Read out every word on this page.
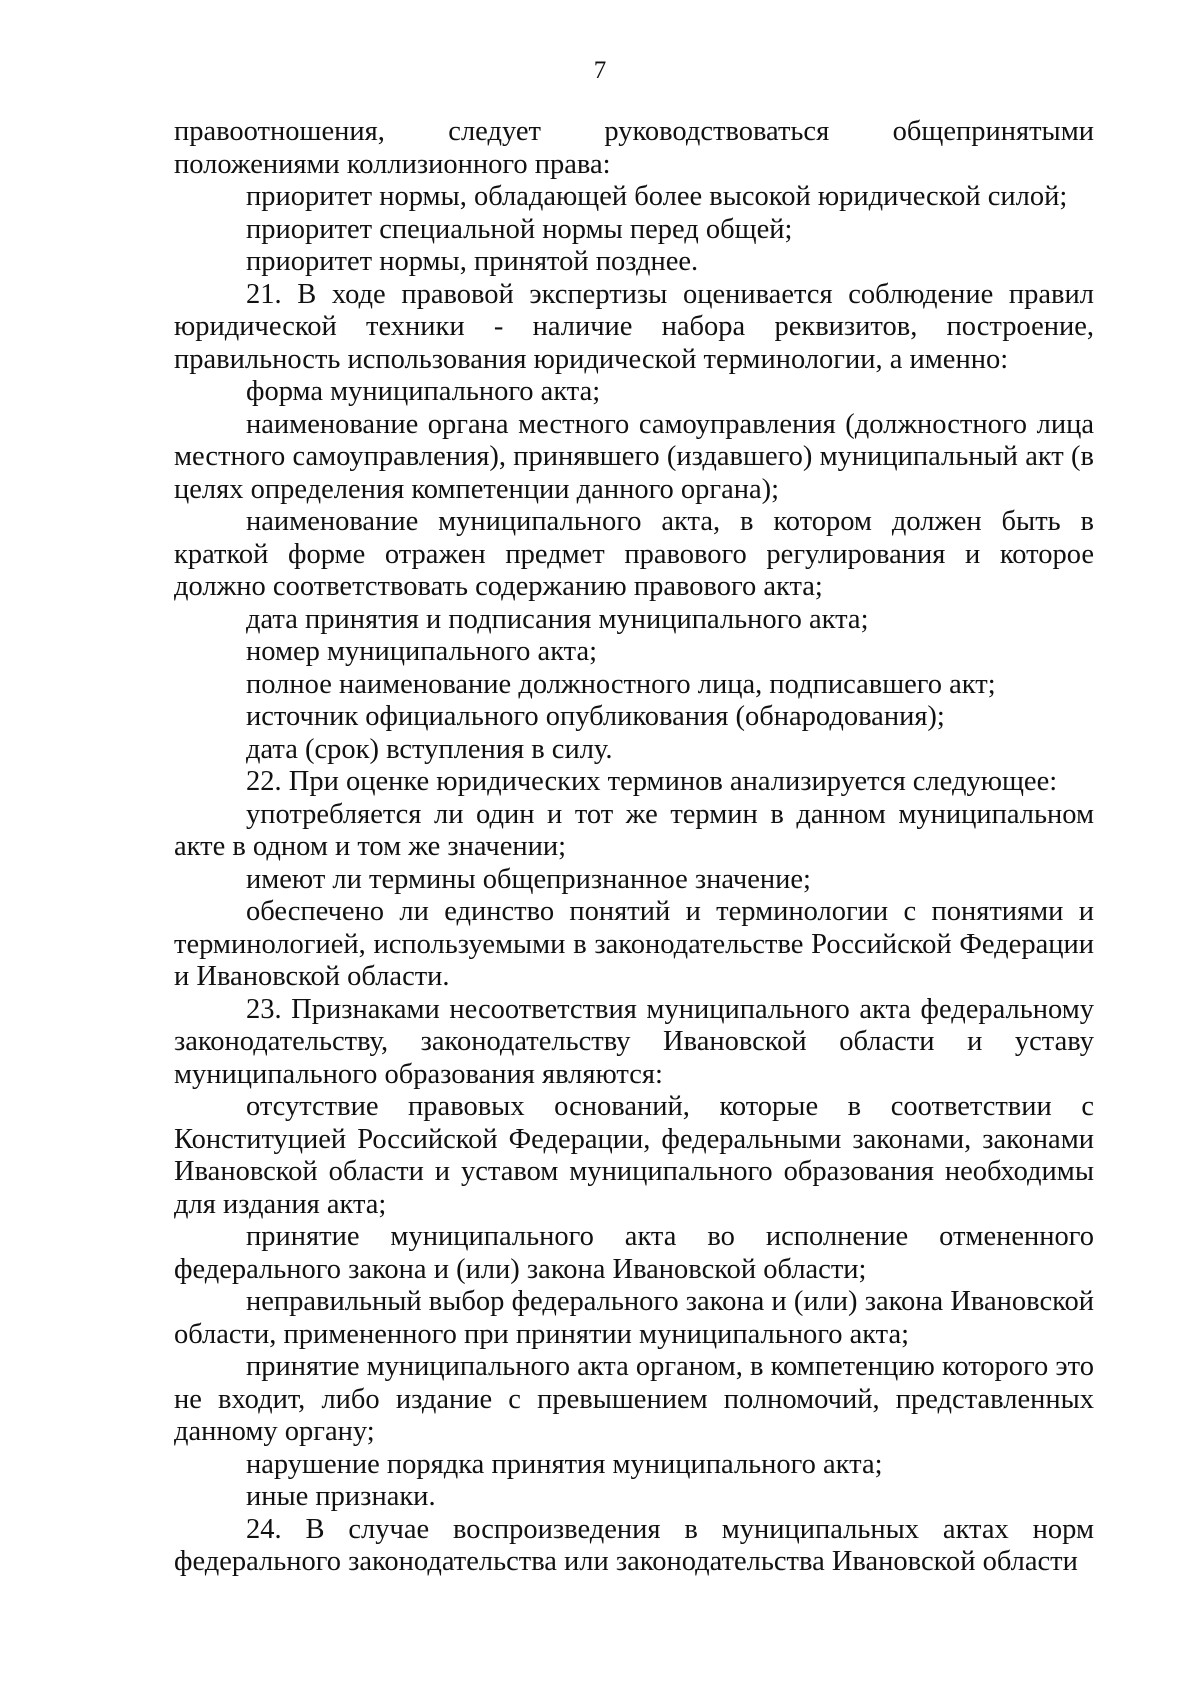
7

правоотношения, следует руководствоваться общепринятыми положениями коллизионного права:

приоритет нормы, обладающей более высокой юридической силой;

приоритет специальной нормы перед общей;

приоритет нормы, принятой позднее.

21. В ходе правовой экспертизы оценивается соблюдение правил юридической техники - наличие набора реквизитов, построение, правильность использования юридической терминологии, а именно:

форма муниципального акта;

наименование органа местного самоуправления (должностного лица местного самоуправления), принявшего (издавшего) муниципальный акт (в целях определения компетенции данного органа);

наименование муниципального акта, в котором должен быть в краткой форме отражен предмет правового регулирования и которое должно соответствовать содержанию правового акта;

дата принятия и подписания муниципального акта;

номер муниципального акта;

полное наименование должностного лица, подписавшего акт;

источник официального опубликования (обнародования);

дата (срок) вступления в силу.

22. При оценке юридических терминов анализируется следующее:

употребляется ли один и тот же термин в данном муниципальном акте в одном и том же значении;

имеют ли термины общепризнанное значение;

обеспечено ли единство понятий и терминологии с понятиями и терминологией, используемыми в законодательстве Российской Федерации и Ивановской области.

23. Признаками несоответствия муниципального акта федеральному законодательству, законодательству Ивановской области и уставу муниципального образования являются:

отсутствие правовых оснований, которые в соответствии с Конституцией Российской Федерации, федеральными законами, законами Ивановской области и уставом муниципального образования необходимы для издания акта;

принятие муниципального акта во исполнение отмененного федерального закона и (или) закона Ивановской области;

неправильный выбор федерального закона и (или) закона Ивановской области, примененного при принятии муниципального акта;

принятие муниципального акта органом, в компетенцию которого это не входит, либо издание с превышением полномочий, представленных данному органу;

нарушение порядка принятия муниципального акта;

иные признаки.

24. В случае воспроизведения в муниципальных актах норм федерального законодательства или законодательства Ивановской области
